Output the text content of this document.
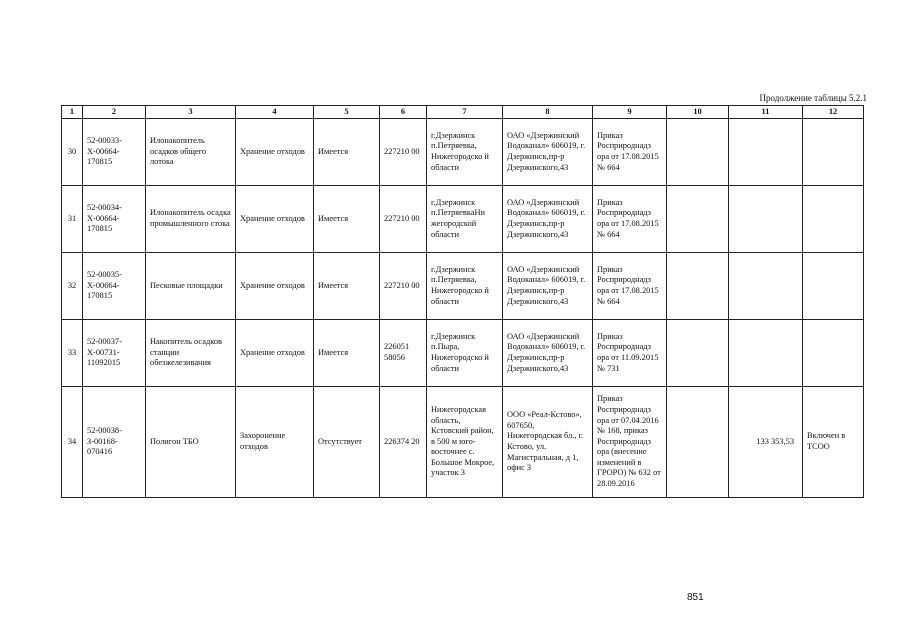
Продолжение таблицы 5.2.1
1	2	3	4	5	6	7	8	9	10	11	12
30	52-00033-Х-00664-170815	Илонакопитель осадков общего лотока	Хранение отходов	Имеется	227210 00	г.Дзержинск п.Петряевка, Нижегородско й области	ОАО «Дзержинский Водоканал» 606019, г. Дзержинск,пр-р Дзержинского,43	Приказ Росприроднадз ора от 17.08.2015 № 664			
31	52-00034-Х-00664-170815	Илонакопитель осадка промышленного стока	Хранение отходов	Имеется	227210 00	г.Дзержинск п.ПетряевкаНи жегородской области	ОАО «Дзержинский Водоканал» 606019, г. Дзержинск,пр-р Дзержинского,43	Приказ Росприроднадз ора от 17.08.2015 № 664			
32	52-00035-Х-00664-170815	Песковые площадки	Хранение отходов	Имеется	227210 00	г.Дзержинск п.Петряевка, Нижегородско й области	ОАО «Дзержинский Водоканал» 606019, г. Дзержинск,пр-р Дзержинского,43	Приказ Росприроднадз ора от 17.08.2015 № 664			
33	52-00037-Х-00731-11092015	Накопитель осадков станции обезжелезивания	Хранение отходов	Имеется	226051 58056	г.Дзержинск п.Пыра, Нижегородско й области	ОАО «Дзержинский Водоканал» 606019, г. Дзержинск,пр-р Дзержинского,43	Приказ Росприроднадз ора от 11.09.2015 № 731			
34	52-00038-З-00168-070416	Полигон ТБО	Захоронение отходов	Отсутствует	226374 20	Нижегородская область, Кстовский район, в 500 м юго-восточнее с. Большое Мокрое, участок 3	ООО «Реал-Кстово», 607650, Нижегородская бл., г. Кстово, ул. Магистральная, д 1, офис 3	Приказ Росприроднадз ора от 07.04.2016 № 168, приказ Росприроднадз ора (внесение изменений в ГРОРО) № 632 от 28.09.2016		133 353,53	Включен в ТСОО
851
